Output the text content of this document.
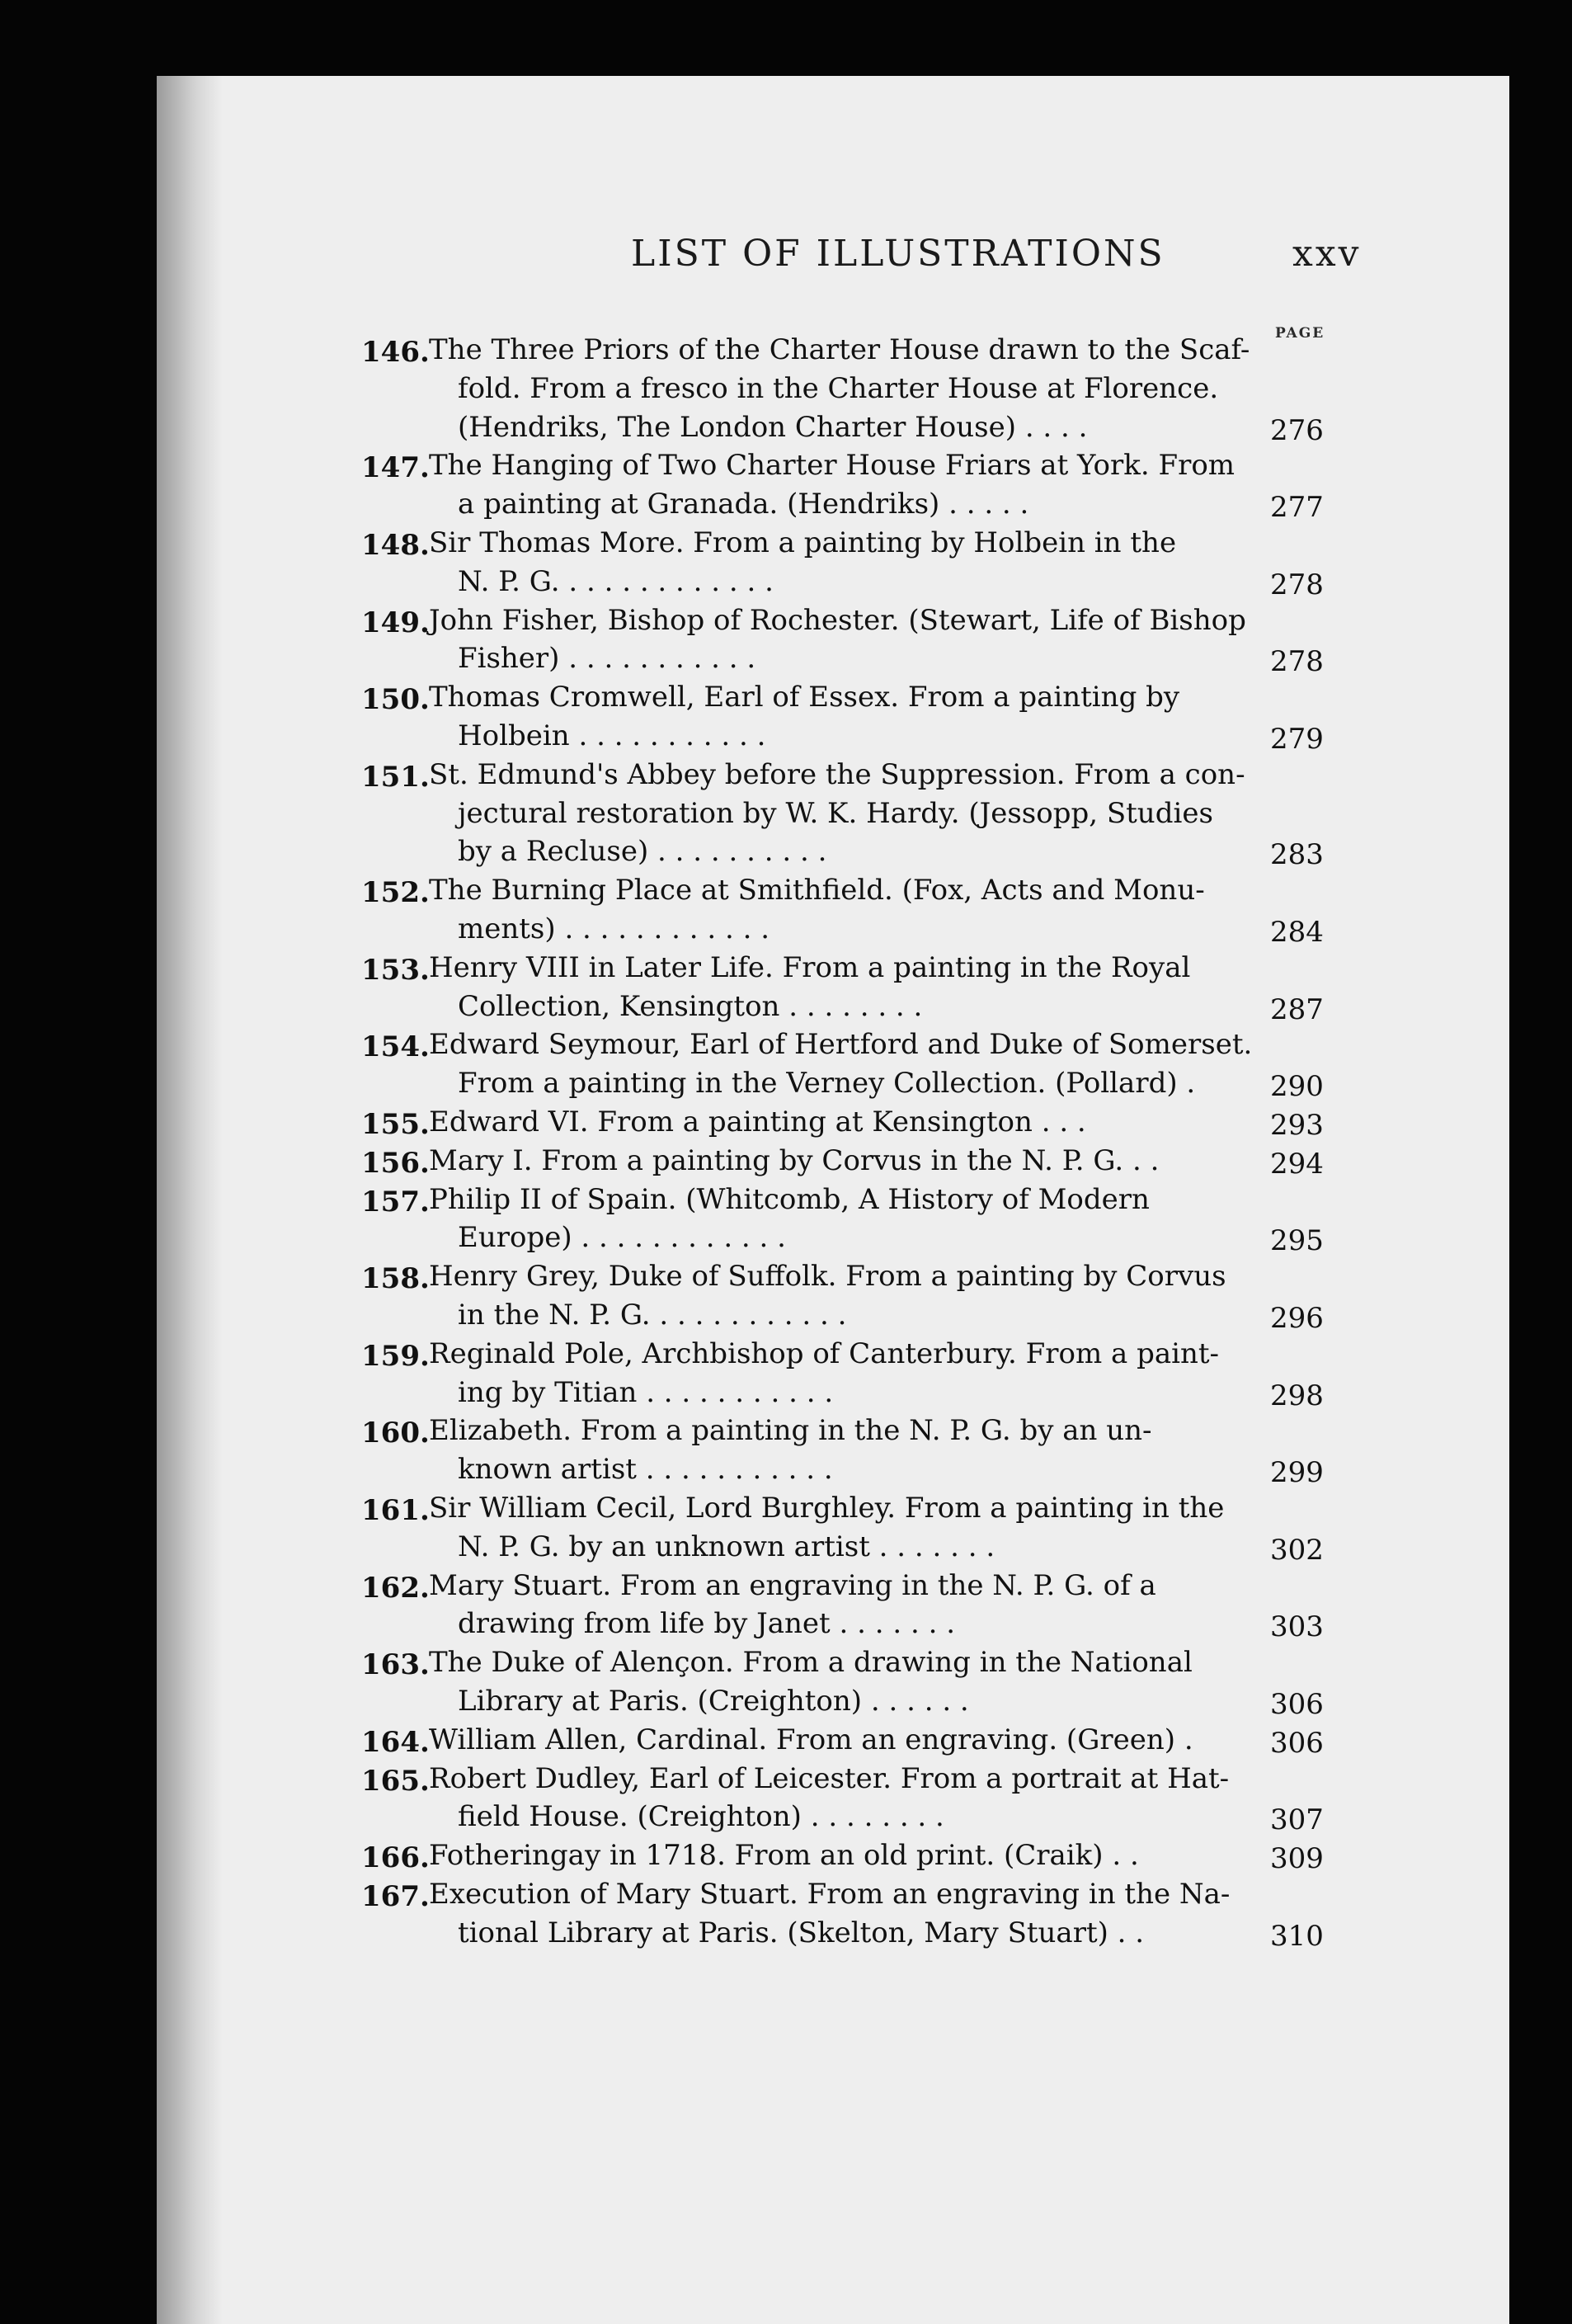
LIST OF ILLUSTRATIONS	xxv
PAGE
146. The Three Priors of the Charter House drawn to the Scaf-
fold. From a fresco in the Charter House at Florence.
(Hendriks, The London Charter House) . . . .	276
147. The Hanging of Two Charter House Friars at York. From
a painting at Granada. (Hendriks) . . . . .	277
148. Sir Thomas More. From a painting by Holbein in the
N. P. G. . . . . . . . . . . . .	278
149. John Fisher, Bishop of Rochester. (Stewart, Life of Bishop
Fisher) . . . . . . . . . . .	278
150. Thomas Cromwell, Earl of Essex. From a painting by
Holbein . . . . . . . . . . .	279
151. St. Edmund's Abbey before the Suppression. From a con-
jectural restoration by W. K. Hardy. (Jessopp, Studies
by a Recluse) . . . . . . . . . .	283
152. The Burning Place at Smithfield. (Fox, Acts and Monu-
ments) . . . . . . . . . . . .	284
153. Henry VIII in Later Life. From a painting in the Royal
Collection, Kensington . . . . . . . .	287
154. Edward Seymour, Earl of Hertford and Duke of Somerset.
From a painting in the Verney Collection. (Pollard) .	290
155. Edward VI. From a painting at Kensington . . .	293
156. Mary I. From a painting by Corvus in the N. P. G. . .	294
157. Philip II of Spain. (Whitcomb, A History of Modern
Europe) . . . . . . . . . . . .	295
158. Henry Grey, Duke of Suffolk. From a painting by Corvus
in the N. P. G. . . . . . . . . . . .	296
159. Reginald Pole, Archbishop of Canterbury. From a paint-
ing by Titian . . . . . . . . . . .	298
160. Elizabeth. From a painting in the N. P. G. by an un-
known artist . . . . . . . . . . .	299
161. Sir William Cecil, Lord Burghley. From a painting in the
N. P. G. by an unknown artist . . . . . . .	302
162. Mary Stuart. From an engraving in the N. P. G. of a
drawing from life by Janet . . . . . . .	303
163. The Duke of Alençon. From a drawing in the National
Library at Paris. (Creighton) . . . . . .	306
164. William Allen, Cardinal. From an engraving. (Green) .	306
165. Robert Dudley, Earl of Leicester. From a portrait at Hat-
field House. (Creighton) . . . . . . . .	307
166. Fotheringay in 1718. From an old print. (Craik) . .	309
167. Execution of Mary Stuart. From an engraving in the Na-
tional Library at Paris. (Skelton, Mary Stuart) . .	310
